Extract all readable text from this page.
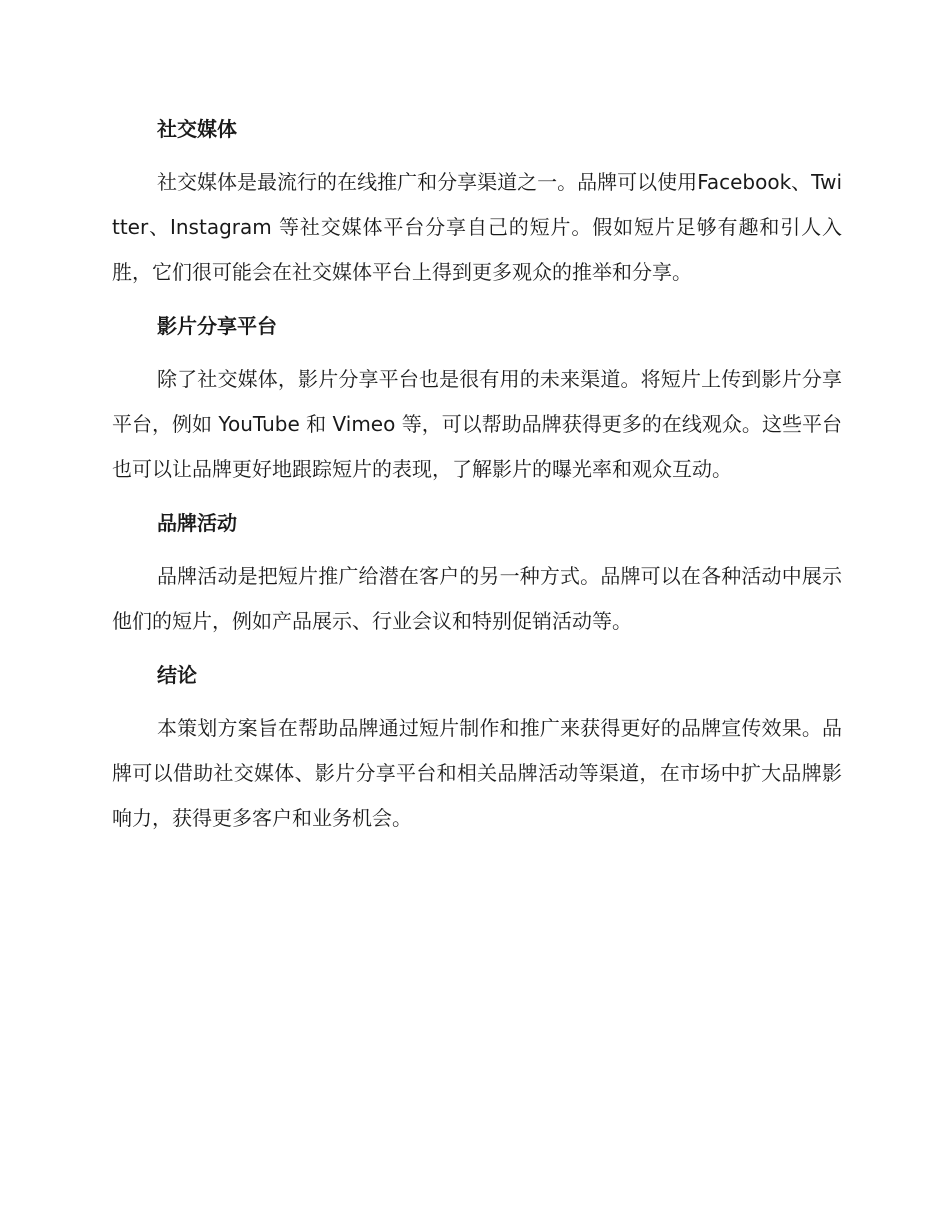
社交媒体

社交媒体是最流行的在线推广和分享渠道之一。品牌可以使用Facebook、Twitter、Instagram 等社交媒体平台分享自己的短片。假如短片足够有趣和引人入胜，它们很可能会在社交媒体平台上得到更多观众的推举和分享。

影片分享平台

除了社交媒体，影片分享平台也是很有用的未来渠道。将短片上传到影片分享平台，例如 YouTube 和 Vimeo 等，可以帮助品牌获得更多的在线观众。这些平台也可以让品牌更好地跟踪短片的表现，了解影片的曝光率和观众互动。

品牌活动

品牌活动是把短片推广给潜在客户的另一种方式。品牌可以在各种活动中展示他们的短片，例如产品展示、行业会议和特别促销活动等。

结论

本策划方案旨在帮助品牌通过短片制作和推广来获得更好的品牌宣传效果。品牌可以借助社交媒体、影片分享平台和相关品牌活动等渠道，在市场中扩大品牌影响力，获得更多客户和业务机会。
